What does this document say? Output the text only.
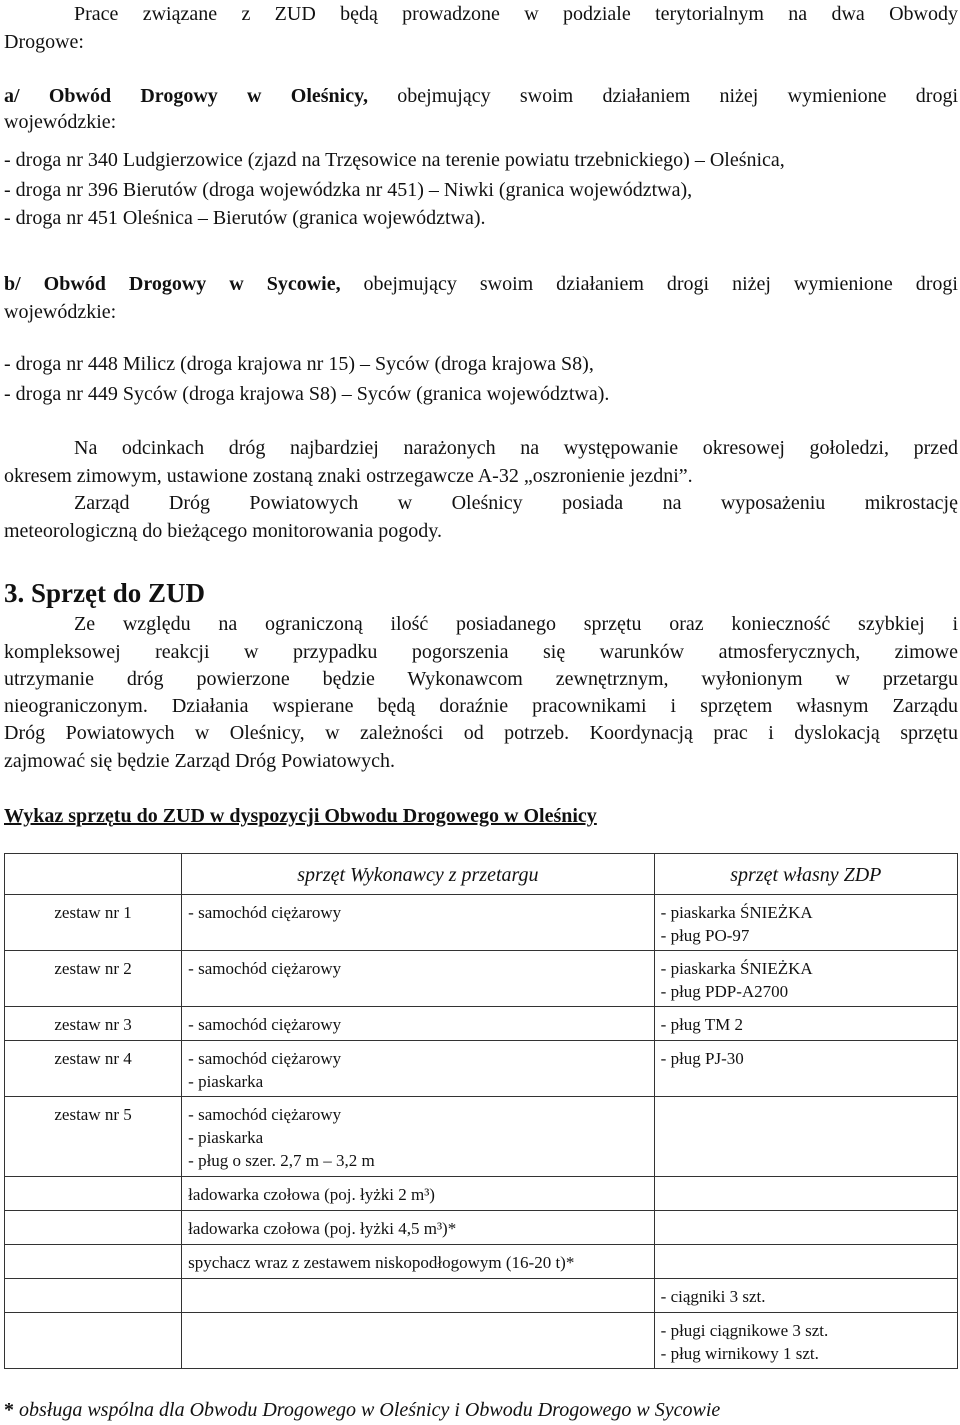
Prace związane z ZUD będą prowadzone w podziale terytorialnym na dwa Obwody
Drogowe:
a/ Obwód Drogowy w Oleśnicy, obejmujący swoim działaniem niżej wymienione drogi
wojewódzkie:
- droga nr 340 Ludgierzowice (zjazd na Trzęsowice na terenie powiatu trzebnickiego) – Oleśnica,
- droga nr 396 Bierutów (droga wojewódzka nr 451) – Niwki (granica województwa),
- droga nr 451 Oleśnica – Bierutów (granica województwa).
b/ Obwód Drogowy w Sycowie, obejmujący swoim działaniem drogi niżej wymienione drogi
wojewódzkie:
- droga nr 448 Milicz (droga krajowa nr 15) – Syców (droga krajowa S8),
- droga nr 449 Syców (droga krajowa S8) – Syców (granica województwa).
Na odcinkach dróg najbardziej narażonych na występowanie okresowej gołoledzi, przed
okresem zimowym, ustawione zostaną znaki ostrzegawcze A-32 „oszronienie jezdni”.
Zarząd Dróg Powiatowych w Oleśnicy posiada na wyposażeniu mikrostację
meteorologiczną do bieżącego monitorowania pogody.
3. Sprzęt do ZUD
Ze względu na ograniczoną ilość posiadanego sprzętu oraz konieczność szybkiej i
kompleksowej reakcji w przypadku pogorszenia się warunków atmosferycznych, zimowe
utrzymanie dróg powierzone będzie Wykonawcom zewnętrznym, wyłonionym w przetargu
nieograniczonym. Działania wspierane będą doraźnie pracownikami i sprzętem własnym Zarządu
Dróg Powiatowych w Oleśnicy, w zależności od potrzeb. Koordynacją prac i dyslokacją sprzętu
zajmować się będzie Zarząd Dróg Powiatowych.
Wykaz sprzętu do ZUD w dyspozycji Obwodu Drogowego w Oleśnicy
	sprzęt Wykonawcy z przetargu	sprzęt własny ZDP

zestaw nr 1	- samochód ciężarowy	- piaskarka ŚNIEŻKA
- pług PO-97

zestaw nr 2	- samochód ciężarowy	- piaskarka ŚNIEŻKA
- pług PDP-A2700

zestaw nr 3	- samochód ciężarowy	- pług TM 2

zestaw nr 4	- samochód ciężarowy
- piaskarka	- pług PJ-30

zestaw nr 5	- samochód ciężarowy
- piaskarka
- pług o szer. 2,7 m – 3,2 m	

	ładowarka czołowa (poj. łyżki 2 m³)	

	ładowarka czołowa (poj. łyżki 4,5 m³)*	

	spychacz wraz z zestawem niskopodłogowym (16-20 t)*	

		- ciągniki 3 szt.

		- pługi ciągnikowe 3 szt.
- pług wirnikowy 1 szt.
* obsługa wspólna dla Obwodu Drogowego w Oleśnicy i Obwodu Drogowego w Sycowie
